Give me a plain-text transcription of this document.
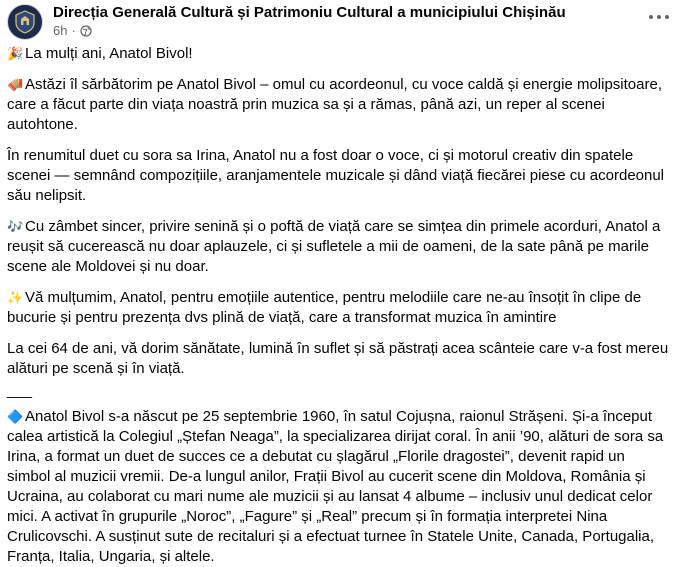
Direcția Generală Cultură și Patrimoniu Cultural a municipiului Chișinău
6h ·

🎉 La mulți ani, Anatol Bivol!

🪗 Astăzi îl sărbătorim pe Anatol Bivol – omul cu acordeonul, cu voce caldă și energie molipsitoare, care a făcut parte din viața noastră prin muzica sa și a rămas, până azi, un reper al scenei autohtone.

În renumitul duet cu sora sa Irina, Anatol nu a fost doar o voce, ci și motorul creativ din spatele scenei — semnând compozițiile, aranjamentele muzicale și dând viață fiecărei piese cu acordeonul său nelipsit.

🎶 Cu zâmbet sincer, privire senină și o poftă de viață care se simțea din primele acorduri, Anatol a reușit să cucerească nu doar aplauzele, ci și sufletele a mii de oameni, de la sate până pe marile scene ale Moldovei și nu doar.

✨ Vă mulțumim, Anatol, pentru emoțiile autentice, pentru melodiile care ne-au însoțit în clipe de bucurie și pentru prezența dvs plină de viață, care a transformat muzica în amintire

La cei 64 de ani, vă dorim sănătate, lumină în suflet și să păstrați acea scânteie care v-a fost mereu alături pe scenă și în viață.

___

🔷 Anatol Bivol s-a născut pe 25 septembrie 1960, în satul Cojușna, raionul Strășeni. Și-a început calea artistică la Colegiul „Ștefan Neaga”, la specializarea dirijat coral. În anii ’90, alături de sora sa Irina, a format un duet de succes ce a debutat cu șlagărul „Florile dragostei”, devenit rapid un simbol al muzicii vremii. De-a lungul anilor, Frații Bivol au cucerit scene din Moldova, România și Ucraina, au colaborat cu mari nume ale muzicii și au lansat 4 albume – inclusiv unul dedicat celor mici. A activat în grupurile „Noroc”, „Fagure” și „Real” precum și în formația interpretei Nina Crulicovschi. A susținut sute de recitaluri și a efectuat turnee în Statele Unite, Canada, Portugalia, Franța, Italia, Ungaria, și altele.
